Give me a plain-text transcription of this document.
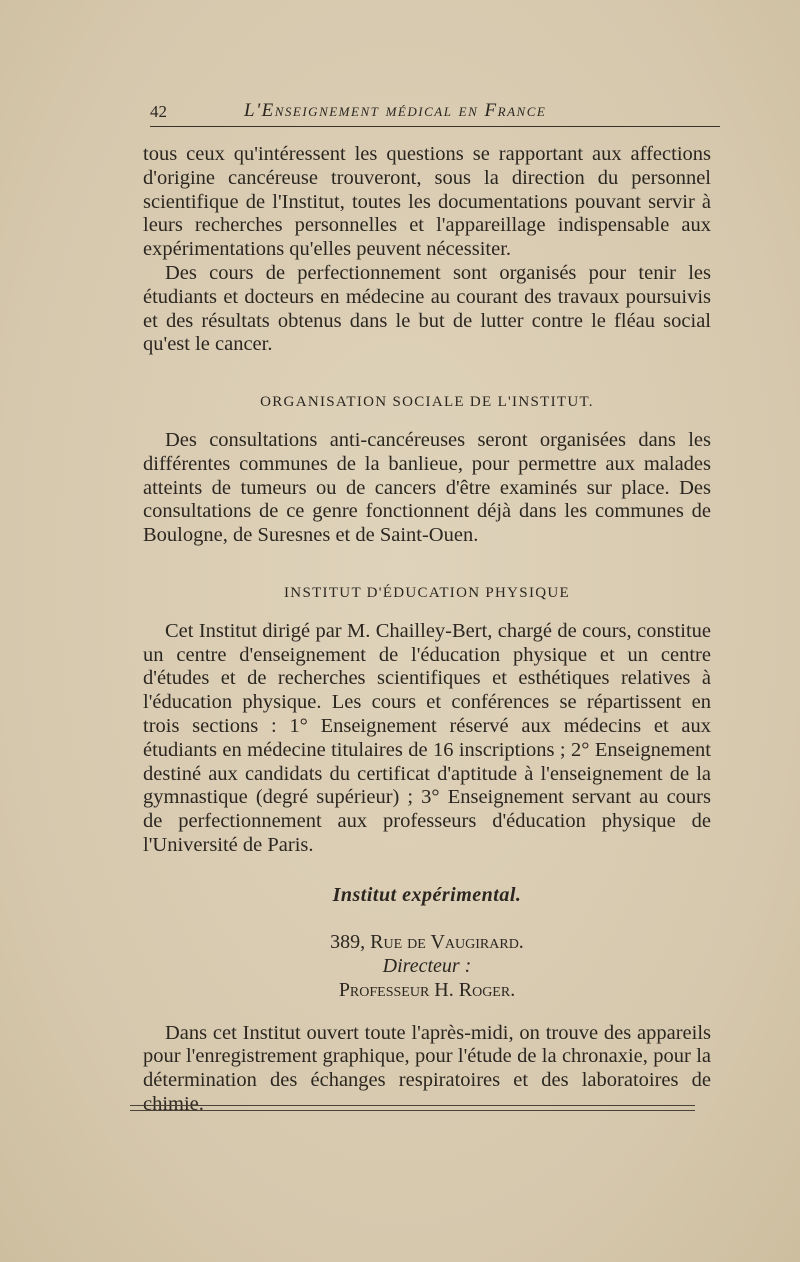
42	L'Enseignement médical en France

tous ceux qu'intéressent les questions se rapportant aux affections d'origine cancéreuse trouveront, sous la direction du personnel scientifique de l'Institut, toutes les documentations pouvant servir à leurs recherches personnelles et l'appareillage indispensable aux expérimentations qu'elles peuvent nécessiter.

Des cours de perfectionnement sont organisés pour tenir les étudiants et docteurs en médecine au courant des travaux poursuivis et des résultats obtenus dans le but de lutter contre le fléau social qu'est le cancer.

ORGANISATION SOCIALE DE L'INSTITUT.

Des consultations anti-cancéreuses seront organisées dans les différentes communes de la banlieue, pour permettre aux malades atteints de tumeurs ou de cancers d'être examinés sur place. Des consultations de ce genre fonctionnent déjà dans les communes de Boulogne, de Suresnes et de Saint-Ouen.

INSTITUT D'ÉDUCATION PHYSIQUE

Cet Institut dirigé par M. Chailley-Bert, chargé de cours, constitue un centre d'enseignement de l'éducation physique et un centre d'études et de recherches scientifiques et esthétiques relatives à l'éducation physique. Les cours et conférences se répartissent en trois sections : 1° Enseignement réservé aux médecins et aux étudiants en médecine titulaires de 16 inscriptions ; 2° Enseignement destiné aux candidats du certificat d'aptitude à l'enseignement de la gymnastique (degré supérieur) ; 3° Enseignement servant au cours de perfectionnement aux professeurs d'éducation physique de l'Université de Paris.

Institut expérimental.
389, Rue de Vaugirard.
Directeur :
Professeur H. Roger.

Dans cet Institut ouvert toute l'après-midi, on trouve des appareils pour l'enregistrement graphique, pour l'étude de la chronaxie, pour la détermination des échanges respiratoires et des laboratoires de chimie.
